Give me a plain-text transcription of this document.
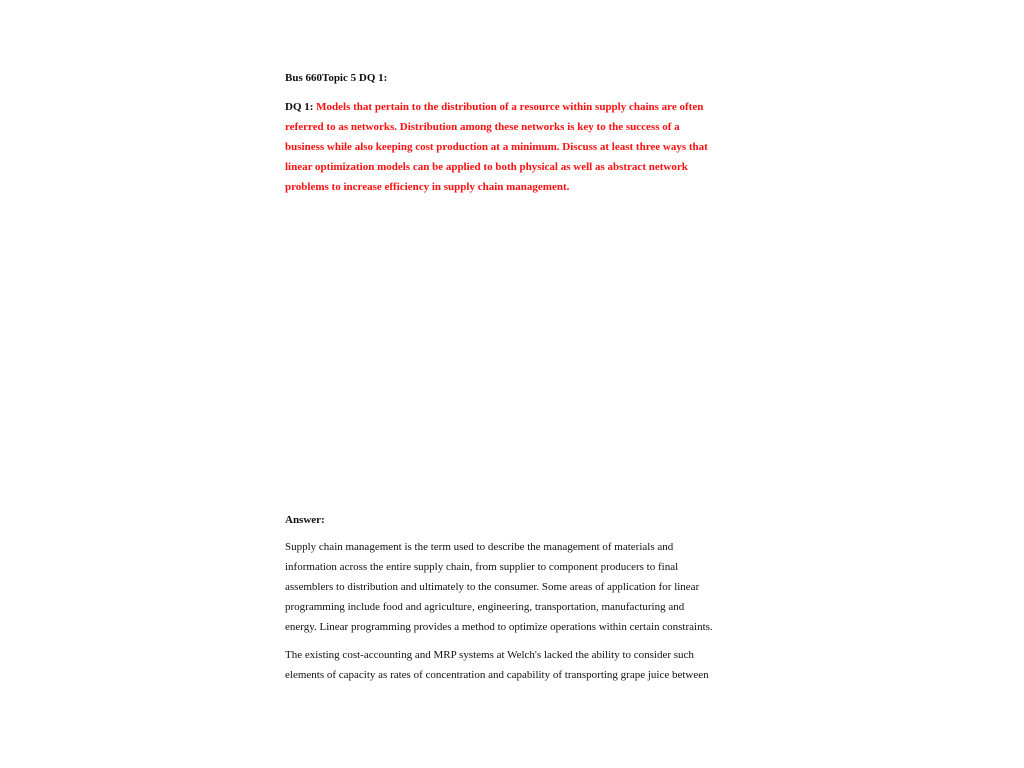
Bus 660Topic 5 DQ 1:
DQ 1: Models that pertain to the distribution of a resource within supply chains are often
referred to as networks. Distribution among these networks is key to the success of a
business while also keeping cost production at a minimum. Discuss at least three ways that
linear optimization models can be applied to both physical as well as abstract network
problems to increase efficiency in supply chain management.
Answer:
Supply chain management is the term used to describe the management of materials and
information across the entire supply chain, from supplier to component producers to final
assemblers to distribution and ultimately to the consumer. Some areas of application for linear
programming include food and agriculture, engineering, transportation, manufacturing and
energy. Linear programming provides a method to optimize operations within certain constraints.
The existing cost-accounting and MRP systems at Welch's lacked the ability to consider such
elements of capacity as rates of concentration and capability of transporting grape juice between
